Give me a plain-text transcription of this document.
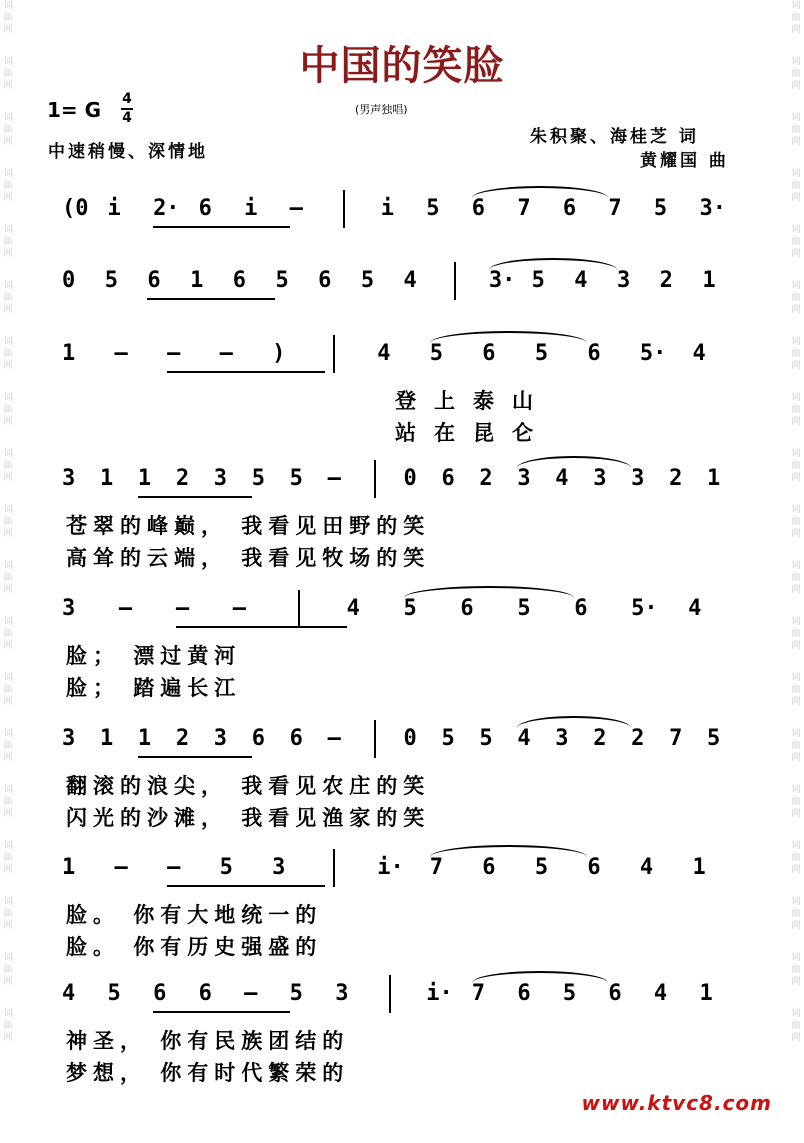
词曲网
词曲网
词曲网
词曲网
词曲网
词曲网
词曲网
词曲网
词曲网
词曲网
词曲网
词曲网
词曲网
词曲网
词曲网
词曲网
词曲网
词曲网
词曲网
词曲网
词曲网
词曲网
词曲网
词曲网
词曲网
词曲网
词曲网
词曲网
词曲网
词曲网
词曲网
词曲网
词曲网
词曲网
词曲网
词曲网
词曲网
词曲网
中国的笑脸
1= G 4
4
(男声独唱)
中速稍慢、深情地
朱积聚、海桂芝 词
黄耀国 曲
(0 i 2· 6 i —	i 5 6 7 6 7 5 3·
0 5 6 1 6 5 6 5 4	3· 5 4 3 2 1
1 — — — )	4 5 6 5 6 5· 4
登上泰山
站在昆仑
3 1 1 2 3 5 5 —	0 6 2 3 4 3 3 2 1
苍翠的峰巅， 我看见田野的笑
高耸的云端， 我看见牧场的笑
3 — — —	4 5 6 5 6 5· 4
脸； 漂过黄河
脸； 踏遍长江
3 1 1 2 3 6 6 —	0 5 5 4 3 2 2 7 5
翻滚的浪尖， 我看见农庄的笑
闪光的沙滩， 我看见渔家的笑
1 — — 5 3	i· 7 6 5 6 4 1
脸。 你有大地统一的
脸。 你有历史强盛的
4 5 6 6 — 5 3	i· 7 6 5 6 4 1
神圣， 你有民族团结的
梦想， 你有时代繁荣的
www.ktvc8.com
